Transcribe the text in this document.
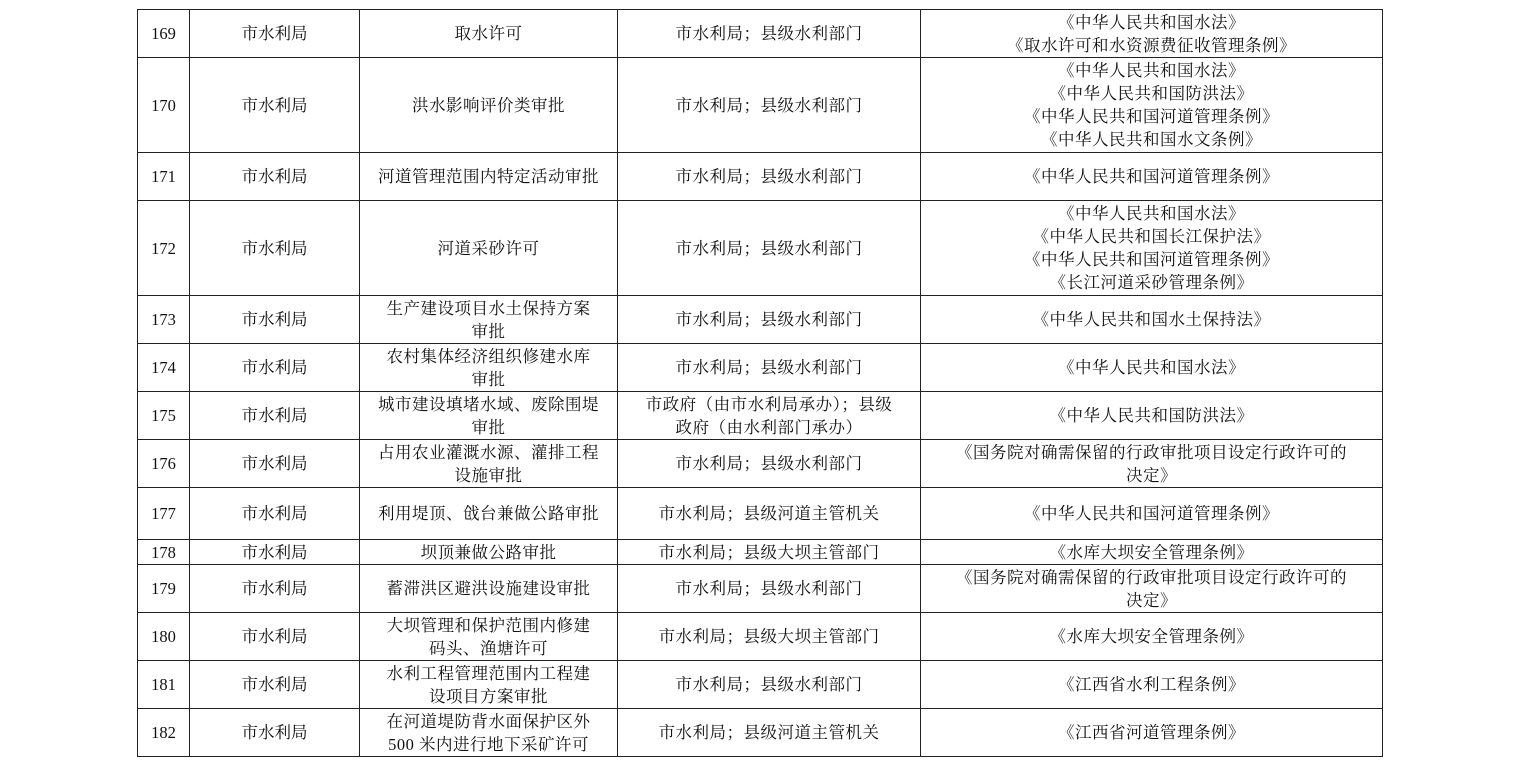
169	市水利局	取水许可	市水利局；县级水利部门	《中华人民共和国水法》
《取水许可和水资源费征收管理条例》

170	市水利局	洪水影响评价类审批	市水利局；县级水利部门	《中华人民共和国水法》
《中华人民共和国防洪法》
《中华人民共和国河道管理条例》
《中华人民共和国水文条例》

171	市水利局	河道管理范围内特定活动审批	市水利局；县级水利部门	《中华人民共和国河道管理条例》

172	市水利局	河道采砂许可	市水利局；县级水利部门	《中华人民共和国水法》
《中华人民共和国长江保护法》
《中华人民共和国河道管理条例》
《长江河道采砂管理条例》

173	市水利局	生产建设项目水土保持方案
审批	市水利局；县级水利部门	《中华人民共和国水土保持法》

174	市水利局	农村集体经济组织修建水库
审批	市水利局；县级水利部门	《中华人民共和国水法》

175	市水利局	城市建设填堵水域、废除围堤
审批	市政府（由市水利局承办）；县级
政府（由水利部门承办）	《中华人民共和国防洪法》

176	市水利局	占用农业灌溉水源、灌排工程
设施审批	市水利局；县级水利部门	《国务院对确需保留的行政审批项目设定行政许可的
决定》

177	市水利局	利用堤顶、戗台兼做公路审批	市水利局；县级河道主管机关	《中华人民共和国河道管理条例》

178	市水利局	坝顶兼做公路审批	市水利局；县级大坝主管部门	《水库大坝安全管理条例》

179	市水利局	蓄滞洪区避洪设施建设审批	市水利局；县级水利部门	《国务院对确需保留的行政审批项目设定行政许可的
决定》

180	市水利局	大坝管理和保护范围内修建
码头、渔塘许可	市水利局；县级大坝主管部门	《水库大坝安全管理条例》

181	市水利局	水利工程管理范围内工程建
设项目方案审批	市水利局；县级水利部门	《江西省水利工程条例》

182	市水利局	在河道堤防背水面保护区外
500 米内进行地下采矿许可	市水利局；县级河道主管机关	《江西省河道管理条例》
